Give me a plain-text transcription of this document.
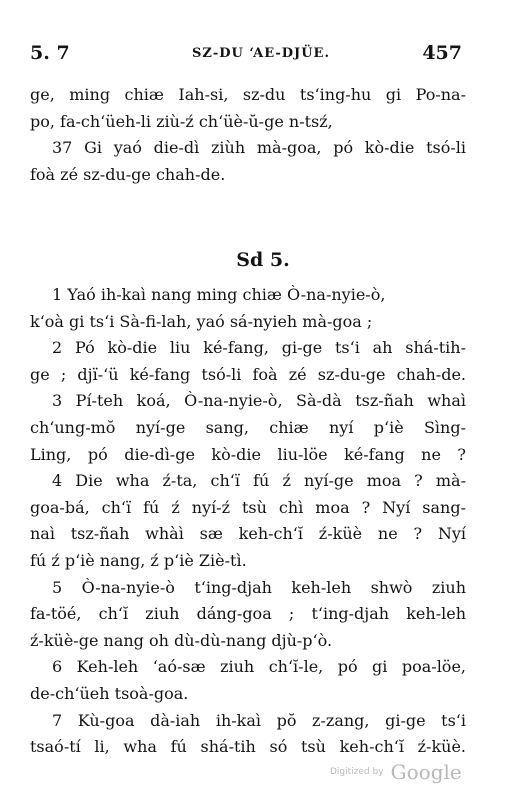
5. 7	SZ-DU ‘AE-DJÜE.	457
ge, ming chiæ Iah-si, sz-du ts‘ing-hu gi Po-na-
po, fa-ch‘üeh-li ziù-ź ch‘üè-ŭ-ge n-tsź,
37 Gi yaó die-dì ziùh mà-goa, pó kò-die tsó-li
foà zé sz-du-ge chah-de.
Sd 5.
1 Yaó ih-kaì nang ming chiæ Ò-na-nyie-ò,
k‘oà gi ts‘i Sà-fi-lah, yaó sá-nyieh mà-goa ;
2 Pó kò-die liu ké-fang, gi-ge ts‘i ah shá-tih-
ge ; djï-‘ü ké-fang tsó-li foà zé sz-du-ge chah-de.
3 Pí-teh koá, Ò-na-nyie-ò, Sà-dà tsz-ñah whaì
ch‘ung-mŏ nyí-ge sang, chiæ nyí p‘iè Sìng-
Ling, pó die-dì-ge kò-die liu-löe ké-fang ne ?
4 Die wha ź-ta, ch‘ï fú ź nyí-ge moa ? mà-
goa-bá, ch‘ï fú ź nyí-ź tsù chì moa ? Nyí sang-
naì tsz-ñah whàì sæ keh-ch‘ĭ ź-küè ne ? Nyí
fú ź p‘iè nang, ź p‘iè Ziè-tì.
5 Ò-na-nyie-ò t‘ing-djah keh-leh shwò ziuh
fa-töé, ch‘ĭ ziuh dáng-goa ; t‘ing-djah keh-leh
ź-küè-ge nang oh dù-dù-nang djù-p‘ò.
6 Keh-leh ‘aó-sæ ziuh ch‘ĭ-le, pó gi poa-löe,
de-ch‘üeh tsoà-goa.
7 Kù-goa dà-iah ih-kaì pŏ z-zang, gi-ge ts‘i
tsaó-tí li, wha fú shá-tih só tsù keh-ch‘ĭ ź-küè.
Digitized by Google
